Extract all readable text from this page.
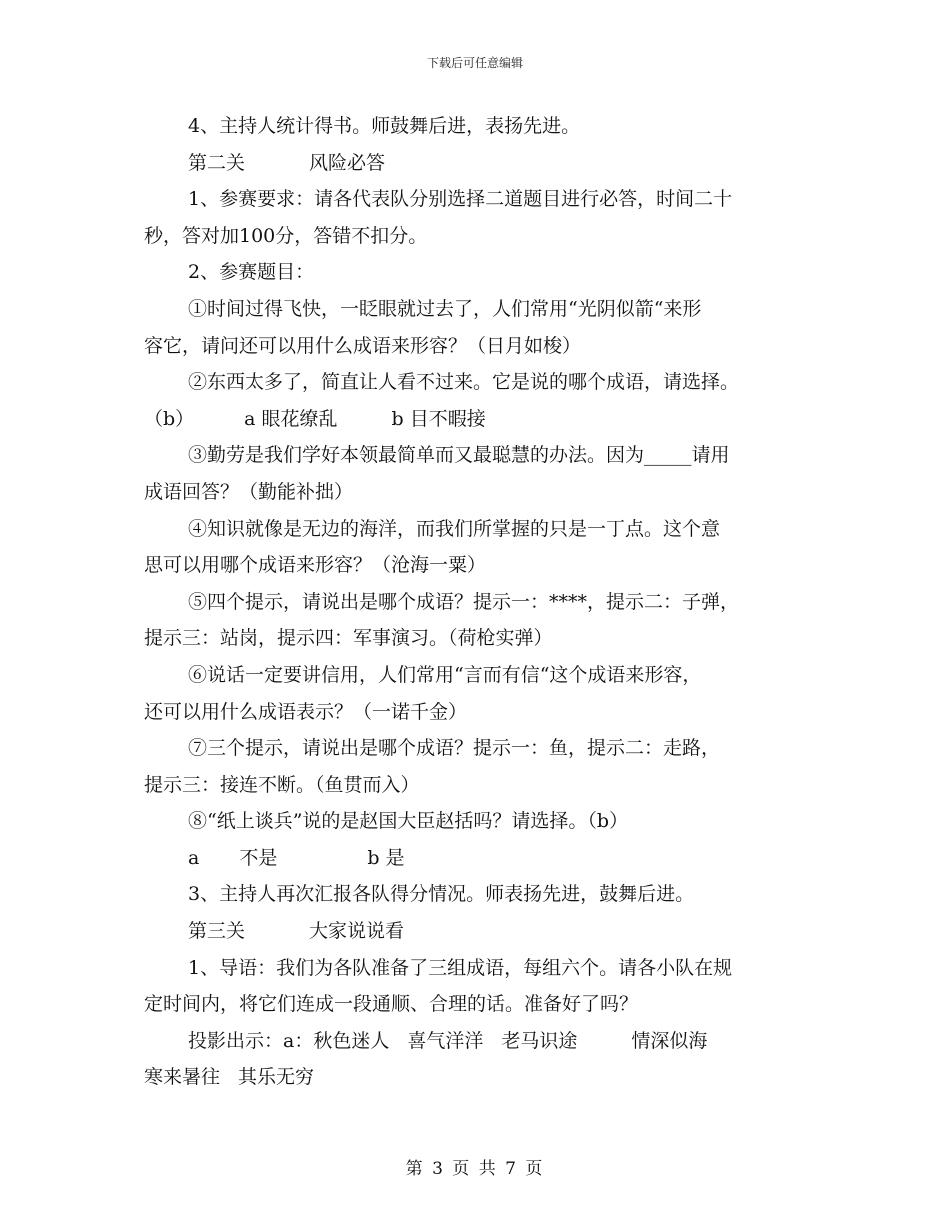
下载后可任意编辑

4、主持人统计得书。师鼓舞后进，表扬先进。

第二关	风险必答

1、参赛要求：请各代表队分别选择二道题目进行必答，时间二十

秒，答对加100分，答错不扣分。

2、参赛题目：

①时间过得飞快，一眨眼就过去了，人们常用“光阴似箭“来形

容它，请问还可以用什么成语来形容？（日月如梭）

②东西太多了，简直让人看不过来。它是说的哪个成语，请选择。

（b）	a 眼花缭乱	b 目不暇接

③勤劳是我们学好本领最简单而又最聪慧的办法。因为_____请用

成语回答？（勤能补拙）

④知识就像是无边的海洋，而我们所掌握的只是一丁点。这个意

思可以用哪个成语来形容？（沧海一粟）

⑤四个提示，请说出是哪个成语？提示一：****，提示二：子弹，

提示三：站岗，提示四：军事演习。（荷枪实弹）

⑥说话一定要讲信用，人们常用“言而有信“这个成语来形容，

还可以用什么成语表示？（一诺千金）

⑦三个提示，请说出是哪个成语？提示一：鱼，提示二：走路，

提示三：接连不断。（鱼贯而入）

⑧“纸上谈兵”说的是赵国大臣赵括吗？请选择。（b）

a 不是	b 是

3、主持人再次汇报各队得分情况。师表扬先进，鼓舞后进。

第三关	大家说说看

1、导语：我们为各队准备了三组成语，每组六个。请各小队在规

定时间内，将它们连成一段通顺、合理的话。准备好了吗？

投影出示：a：秋色迷人 喜气洋洋 老马识途	情深似海

寒来暑往 其乐无穷

第 3 页 共 7 页
